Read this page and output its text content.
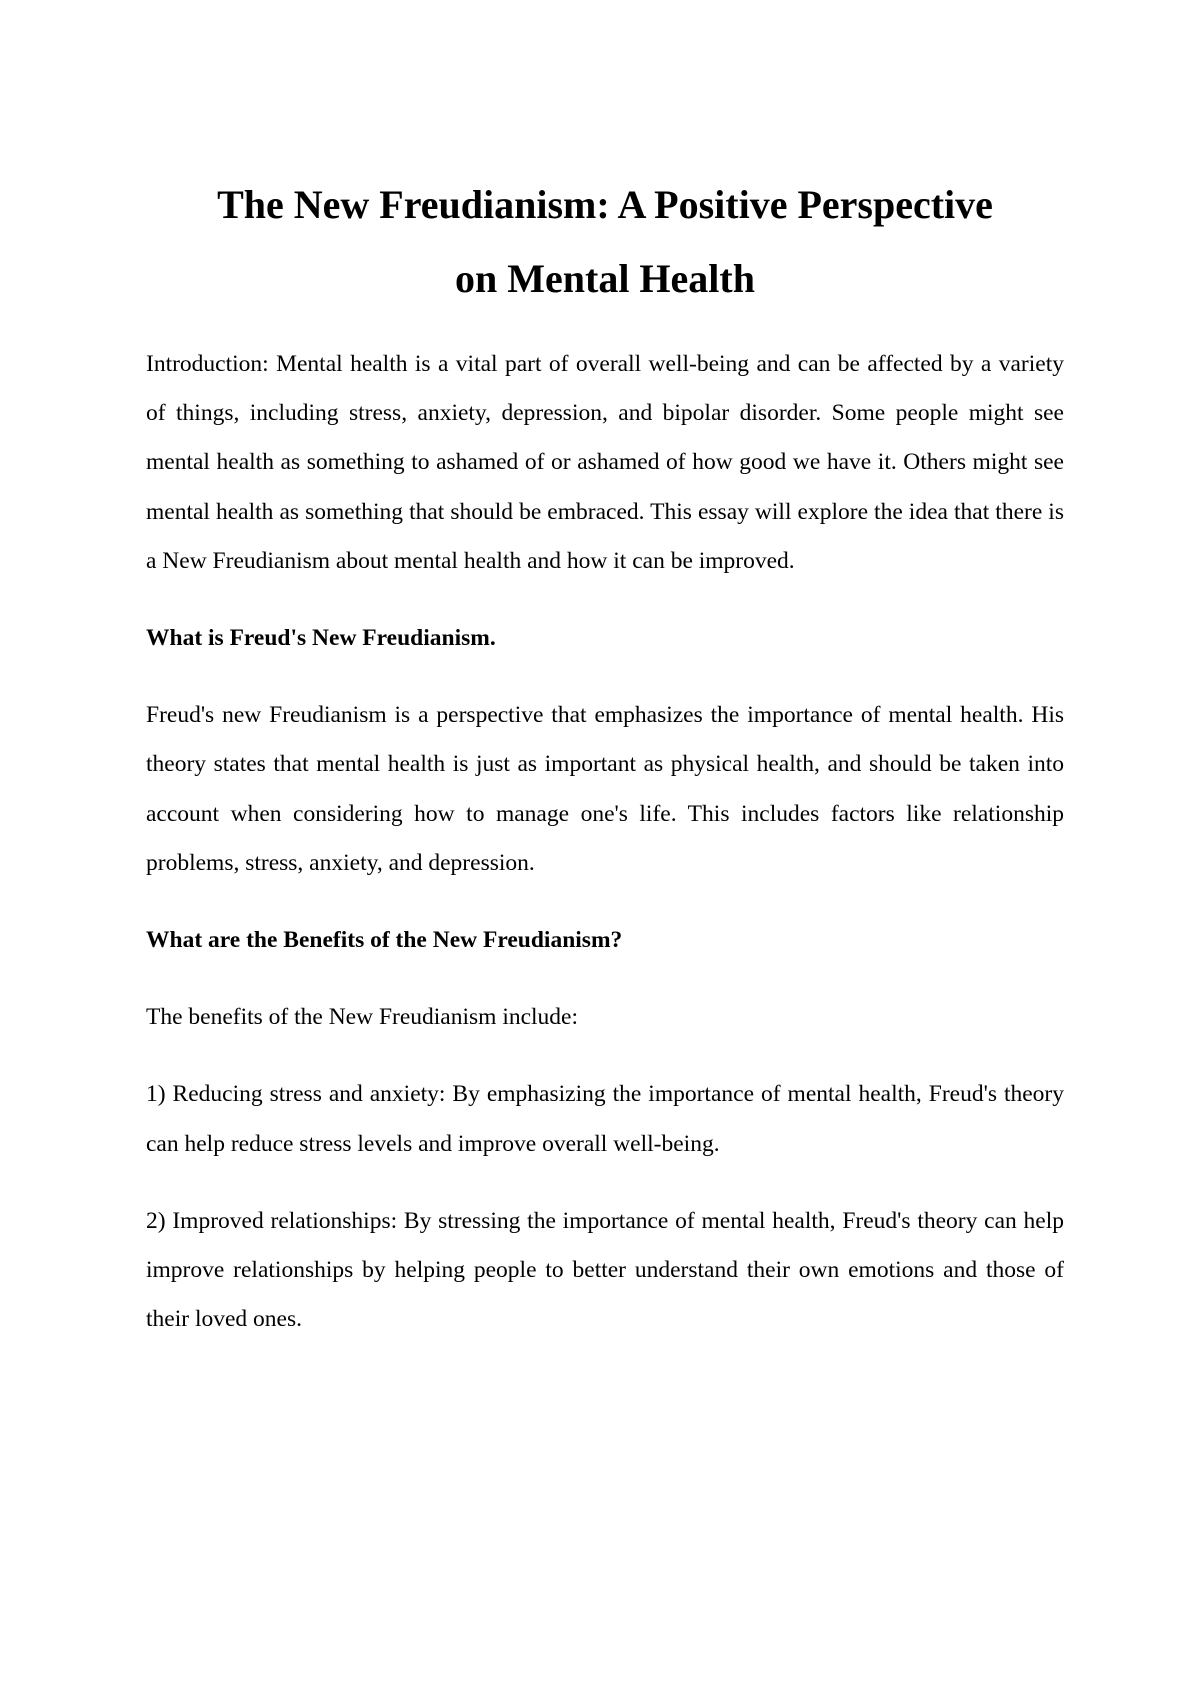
The New Freudianism: A Positive Perspective
on Mental Health

Introduction: Mental health is a vital part of overall well-being and can be affected by a variety of things, including stress, anxiety, depression, and bipolar disorder. Some people might see mental health as something to ashamed of or ashamed of how good we have it. Others might see mental health as something that should be embraced. This essay will explore the idea that there is a New Freudianism about mental health and how it can be improved.

What is Freud's New Freudianism.

Freud's new Freudianism is a perspective that emphasizes the importance of mental health. His theory states that mental health is just as important as physical health, and should be taken into account when considering how to manage one's life. This includes factors like relationship problems, stress, anxiety, and depression.

What are the Benefits of the New Freudianism?

The benefits of the New Freudianism include:

1) Reducing stress and anxiety: By emphasizing the importance of mental health, Freud's theory can help reduce stress levels and improve overall well-being.

2) Improved relationships: By stressing the importance of mental health, Freud's theory can help improve relationships by helping people to better understand their own emotions and those of their loved ones.
